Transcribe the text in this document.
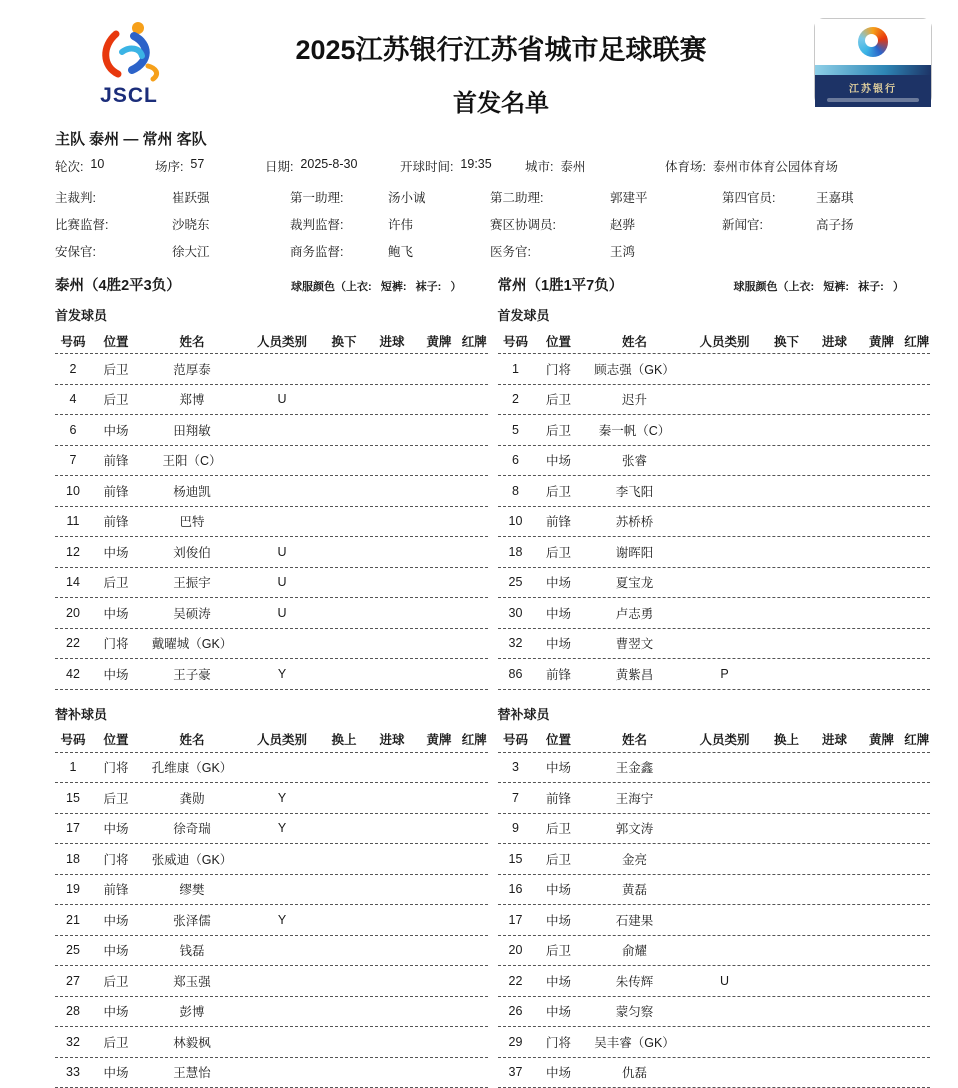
JSCL
2025江苏银行江苏省城市足球联赛
首发名单
江苏银行
主队 泰州 — 常州 客队
轮次: 10	场序: 57	日期: 2025-8-30	开球时间: 19:35	城市: 泰州	体育场: 泰州市体育公园体育场
主裁判:	崔跃强	第一助理:	汤小诚	第二助理:	郭建平	第四官员:	王嘉琪
比赛监督:	沙晓东	裁判监督:	许伟	赛区协调员:	赵骅	新闻官:	高子扬
安保官:	徐大江	商务监督:	鲍飞	医务官:	王鸿
泰州（4胜2平3负）	球服颜色（上衣:   短裤:   袜子:   ）
首发球员
号码	位置	姓名	人员类别	换下	进球	黄牌 红牌
2	后卫	范厚泰
4	后卫	郑博	U
6	中场	田翔敏
7	前锋	王阳（C）
10	前锋	杨迪凯
11	前锋	巴特
12	中场	刘俊伯	U
14	后卫	王振宇	U
20	中场	吴硕涛	U
22	门将	戴曜城（GK）
42	中场	王子豪	Y
替补球员
号码	位置	姓名	人员类别	换上	进球	黄牌 红牌
1	门将	孔维康（GK）
15	后卫	龚勋	Y
17	中场	徐奇瑞	Y
18	门将	张威迪（GK）
19	前锋	缪樊
21	中场	张泽儒	Y
25	中场	钱磊
27	后卫	郑玉强
28	中场	彭博
32	后卫	林毅枫
33	中场	王慧怡
常州（1胜1平7负）	球服颜色（上衣:   短裤:   袜子:   ）
首发球员
号码	位置	姓名	人员类别	换下	进球	黄牌 红牌
1	门将	顾志强（GK）
2	后卫	迟升
5	后卫	秦一帆（C）
6	中场	张睿
8	后卫	李飞阳
10	前锋	苏桥桥
18	后卫	谢晖阳
25	中场	夏宝龙
30	中场	卢志勇
32	中场	曹翌文
86	前锋	黄紫昌	P
替补球员
号码	位置	姓名	人员类别	换上	进球	黄牌 红牌
3	中场	王金鑫
7	前锋	王海宁
9	后卫	郭文涛
15	后卫	金亮
16	中场	黄磊
17	中场	石建果
20	后卫	俞耀
22	中场	朱传辉	U
26	中场	蒙匀察
29	门将	吴丰睿（GK）
37	中场	仇磊
